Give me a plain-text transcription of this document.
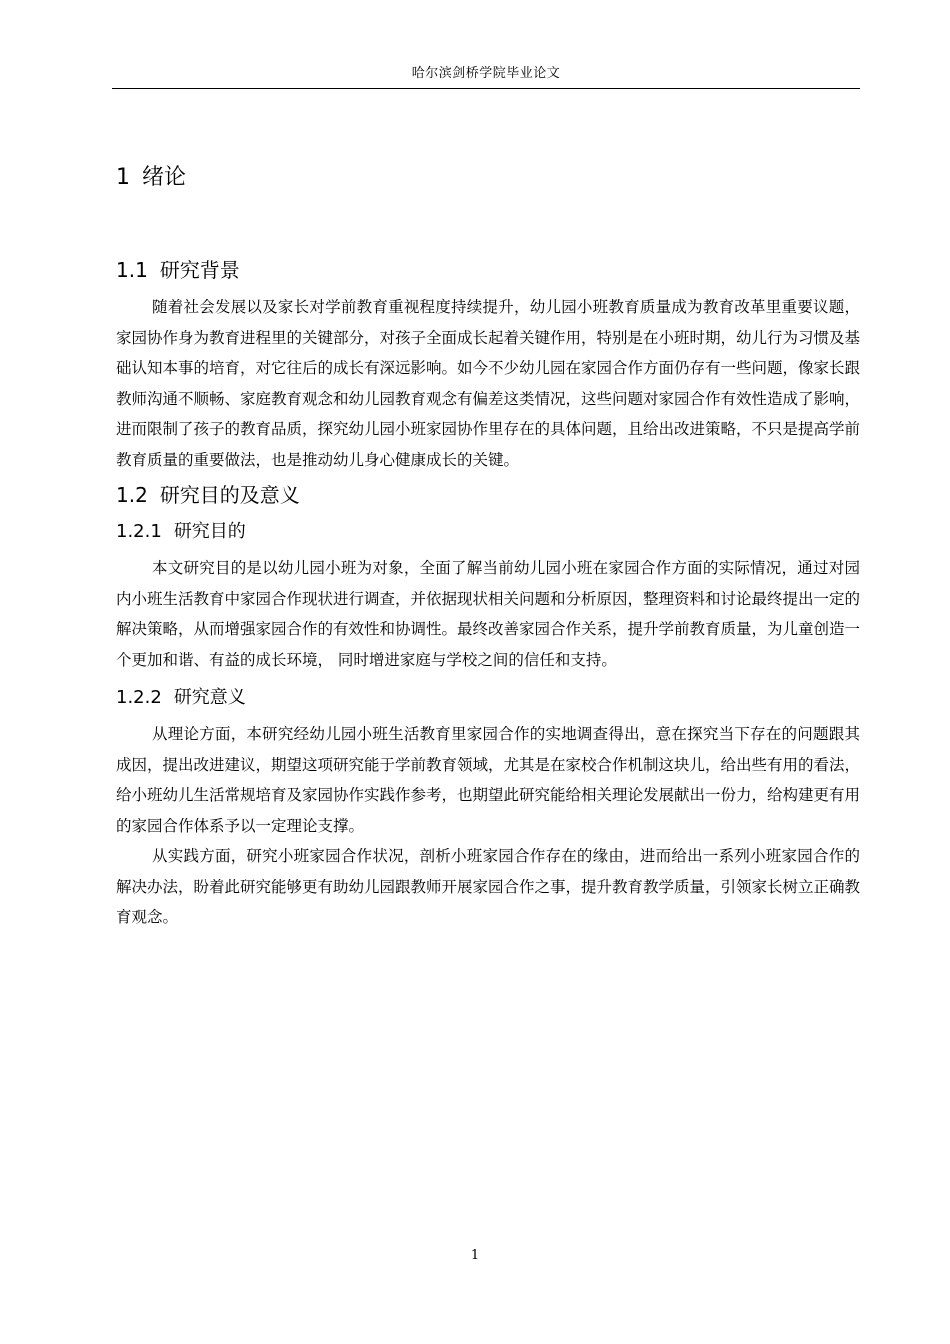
哈尔滨剑桥学院毕业论文
1 绪论
1.1 研究背景

随着社会发展以及家长对学前教育重视程度持续提升，幼儿园小班教育质量成为教育改革里重要议题，家园协作身为教育进程里的关键部分，对孩子全面成长起着关键作用，特别是在小班时期，幼儿行为习惯及基础认知本事的培育，对它往后的成长有深远影响。如今不少幼儿园在家园合作方面仍存有一些问题，像家长跟教师沟通不顺畅、家庭教育观念和幼儿园教育观念有偏差这类情况，这些问题对家园合作有效性造成了影响，进而限制了孩子的教育品质，探究幼儿园小班家园协作里存在的具体问题，且给出改进策略，不只是提高学前教育质量的重要做法，也是推动幼儿身心健康成长的关键。

1.2 研究目的及意义
1.2.1 研究目的

本文研究目的是以幼儿园小班为对象，全面了解当前幼儿园小班在家园合作方面的实际情况，通过对园内小班生活教育中家园合作现状进行调查，并依据现状相关问题和分析原因，整理资料和讨论最终提出一定的解决策略，从而增强家园合作的有效性和协调性。最终改善家园合作关系，提升学前教育质量，为儿童创造一个更加和谐、有益的成长环境， 同时增进家庭与学校之间的信任和支持。

1.2.2 研究意义

从理论方面，本研究经幼儿园小班生活教育里家园合作的实地调查得出，意在探究当下存在的问题跟其成因，提出改进建议，期望这项研究能于学前教育领域，尤其是在家校合作机制这块儿，给出些有用的看法，给小班幼儿生活常规培育及家园协作实践作参考，也期望此研究能给相关理论发展献出一份力，给构建更有用的家园合作体系予以一定理论支撑。

从实践方面，研究小班家园合作状况，剖析小班家园合作存在的缘由，进而给出一系列小班家园合作的解决办法，盼着此研究能够更有助幼儿园跟教师开展家园合作之事，提升教育教学质量，引领家长树立正确教育观念。

1
